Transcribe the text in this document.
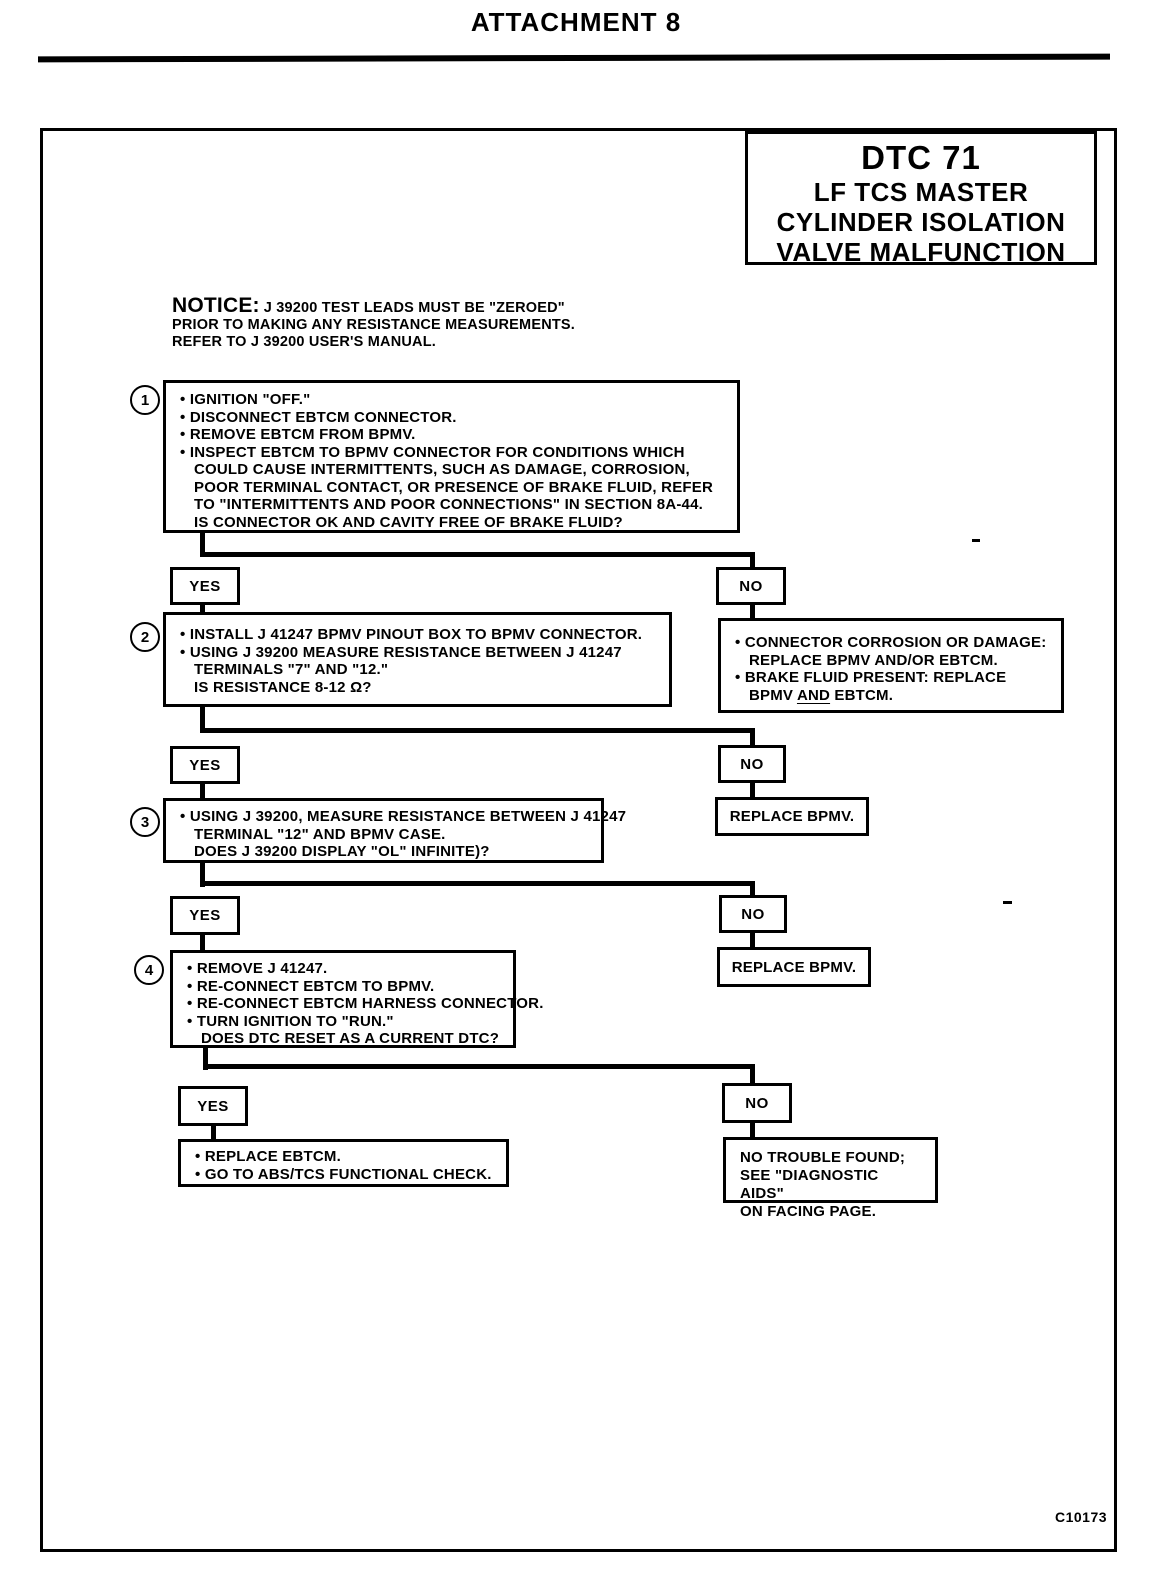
ATTACHMENT 8
DTC 71
LF TCS MASTER
CYLINDER ISOLATION
VALVE MALFUNCTION
NOTICE: J 39200 TEST LEADS MUST BE "ZEROED"
PRIOR TO MAKING ANY RESISTANCE MEASUREMENTS.
REFER TO J 39200 USER'S MANUAL.
1	• IGNITION "OFF."
• DISCONNECT EBTCM CONNECTOR.
• REMOVE EBTCM FROM BPMV.
• INSPECT EBTCM TO BPMV CONNECTOR FOR CONDITIONS WHICH
COULD CAUSE INTERMITTENTS, SUCH AS DAMAGE, CORROSION,
POOR TERMINAL CONTACT, OR PRESENCE OF BRAKE FLUID, REFER
TO "INTERMITTENTS AND POOR CONNECTIONS" IN SECTION 8A-44.
IS CONNECTOR OK AND CAVITY FREE OF BRAKE FLUID?
YES	NO
2	• INSTALL J 41247 BPMV PINOUT BOX TO BPMV CONNECTOR.
• USING J 39200 MEASURE RESISTANCE BETWEEN J 41247
TERMINALS "7" AND "12."
IS RESISTANCE 8-12 Ω?
• CONNECTOR CORROSION OR DAMAGE:
REPLACE BPMV AND/OR EBTCM.
• BRAKE FLUID PRESENT: REPLACE
BPMV AND EBTCM.
YES	NO
3	• USING J 39200, MEASURE RESISTANCE BETWEEN J 41247
TERMINAL "12" AND BPMV CASE.
DOES J 39200 DISPLAY "OL" INFINITE)?
REPLACE BPMV.
YES	NO
4	• REMOVE J 41247.
• RE-CONNECT EBTCM TO BPMV.
• RE-CONNECT EBTCM HARNESS CONNECTOR.
• TURN IGNITION TO "RUN."
DOES DTC RESET AS A CURRENT DTC?
REPLACE BPMV.
YES	NO
• REPLACE EBTCM.
• GO TO ABS/TCS FUNCTIONAL CHECK.
NO TROUBLE FOUND;
SEE "DIAGNOSTIC AIDS"
ON FACING PAGE.
C10173
